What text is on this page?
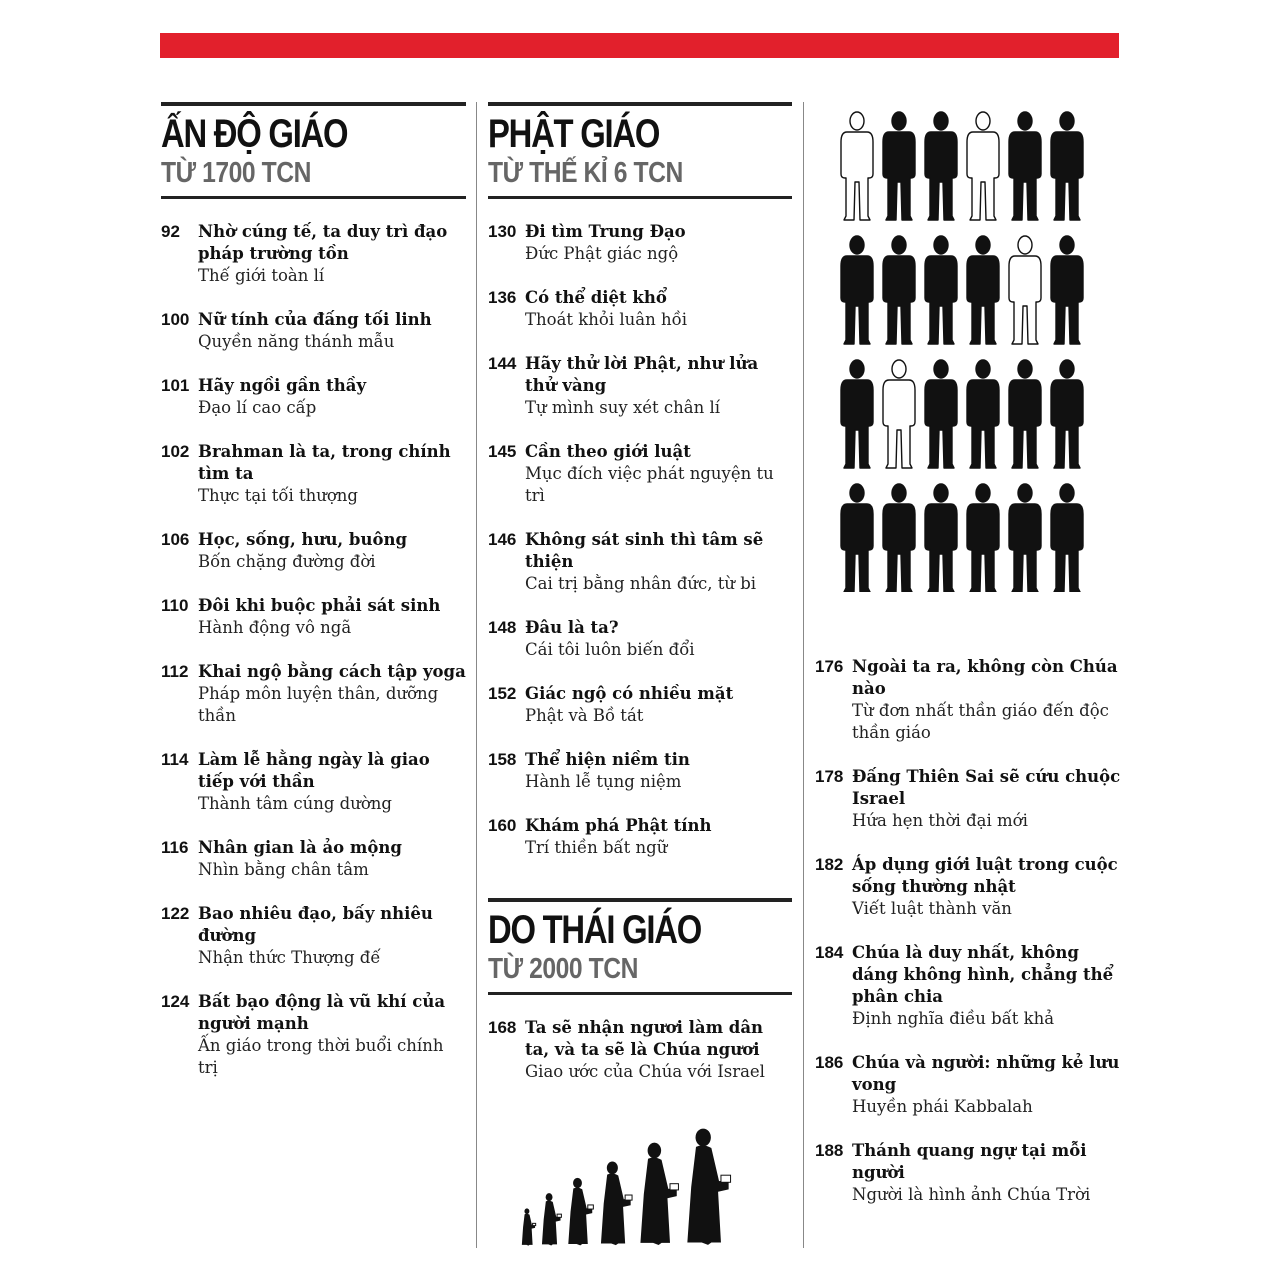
ẤN ĐỘ GIÁO
TỪ 1700 TCN
92	Nhờ cúng tế, ta duy trì đạo pháp trường tồn
Thế giới toàn lí
100 Nữ tính của đấng tối linh
Quyền năng thánh mẫu
101 Hãy ngồi gần thầy
Đạo lí cao cấp
102 Brahman là ta, trong chính tìm ta
Thực tại tối thượng
106 Học, sống, hưu, buông
Bốn chặng đường đời
110 Đôi khi buộc phải sát sinh
Hành động vô ngã
112 Khai ngộ bằng cách tập yoga
Pháp môn luyện thân, dưỡng thần
114 Làm lễ hằng ngày là giao tiếp với thần
Thành tâm cúng dường
116 Nhân gian là ảo mộng
Nhìn bằng chân tâm
122 Bao nhiêu đạo, bấy nhiêu đường
Nhận thức Thượng đế
124 Bất bạo động là vũ khí của người mạnh
Ấn giáo trong thời buổi chính trị
PHẬT GIÁO
TỪ THẾ KỈ 6 TCN
130 Đi tìm Trung Đạo
Đức Phật giác ngộ
136 Có thể diệt khổ
Thoát khỏi luân hồi
144 Hãy thử lời Phật, như lửa thử vàng
Tự mình suy xét chân lí
145 Cần theo giới luật
Mục đích việc phát nguyện tu trì
146 Không sát sinh thì tâm sẽ thiện
Cai trị bằng nhân đức, từ bi
148 Đâu là ta?
Cái tôi luôn biến đổi
152 Giác ngộ có nhiều mặt
Phật và Bồ tát
158 Thể hiện niềm tin
Hành lễ tụng niệm
160 Khám phá Phật tính
Trí thiền bất ngữ
DO THÁI GIÁO
TỪ 2000 TCN
168 Ta sẽ nhận ngươi làm dân ta, và ta sẽ là Chúa ngươi
Giao ước của Chúa với Israel
176 Ngoài ta ra, không còn Chúa nào
Từ đơn nhất thần giáo đến độc thần giáo
178 Đấng Thiên Sai sẽ cứu chuộc Israel
Hứa hẹn thời đại mới
182 Áp dụng giới luật trong cuộc sống thường nhật
Viết luật thành văn
184 Chúa là duy nhất, không dáng không hình, chẳng thể phân chia
Định nghĩa điều bất khả
186 Chúa và người: những kẻ lưu vong
Huyền phái Kabbalah
188 Thánh quang ngự tại mỗi người
Người là hình ảnh Chúa Trời
